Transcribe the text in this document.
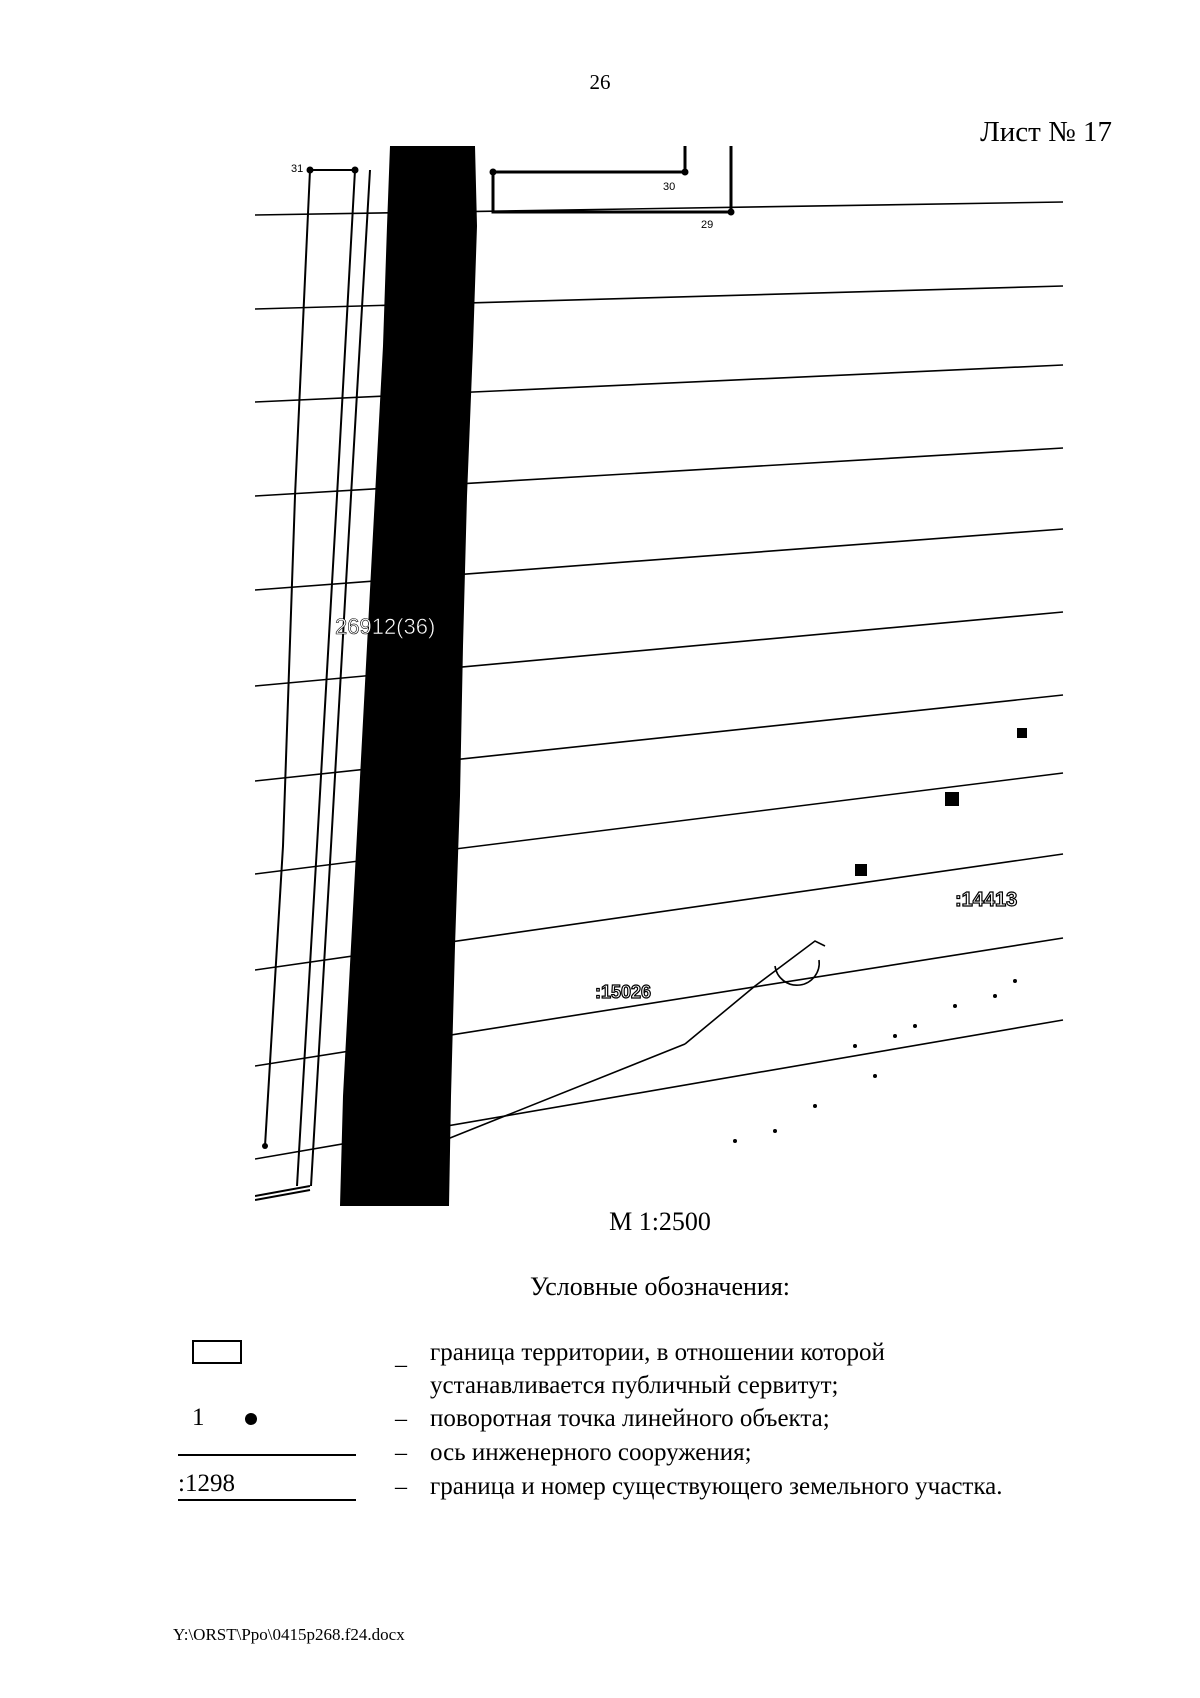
26
Лист № 17
26912(36)
:14413
:15026
30
29
31
М 1:2500
Условные обозначения:
– граница территории, в отношении которой
устанавливается публичный сервитут;
1	– поворотная точка линейного объекта;
– ось инженерного сооружения;
:1298	– граница и номер существующего земельного участка.
Y:\ORST\Ppo\0415p268.f24.docx
